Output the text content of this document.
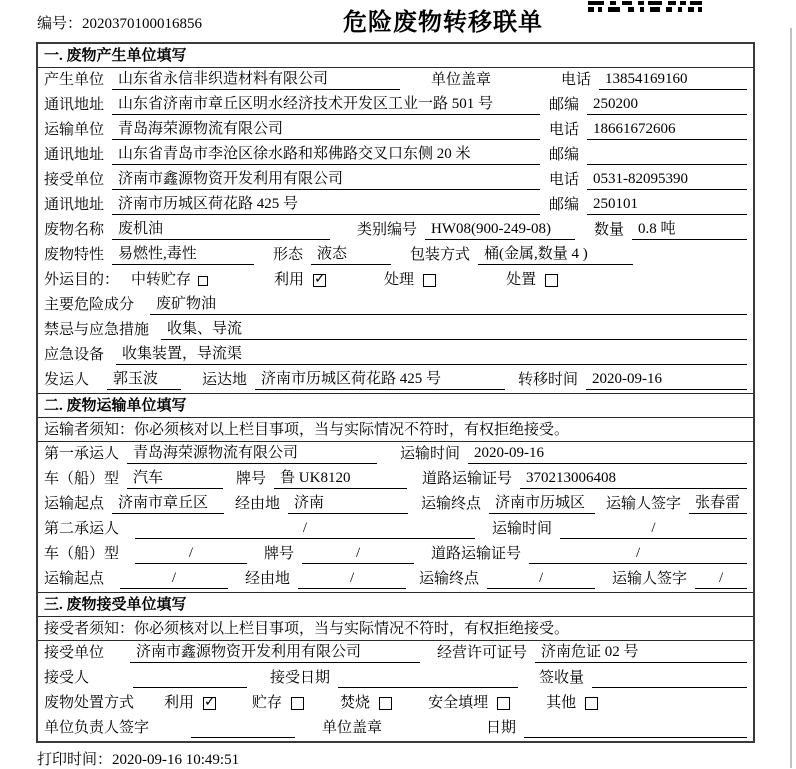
编号：2020370100016856	危险废物转移联单
一. 废物产生单位填写
产生单位 山东省永信非织造材料有限公司	单位盖章	电话 13854169160
通讯地址 山东省济南市章丘区明水经济技术开发区工业一路 501 号	邮编 250200
运输单位 青岛海荣源物流有限公司	电话 18661672606
通讯地址 山东省青岛市李沧区徐水路和郑佛路交叉口东侧 20 米	邮编
接受单位 济南市鑫源物资开发利用有限公司	电话 0531-82095390
通讯地址 济南市历城区荷花路 425 号	邮编 250101
废物名称 废机油	类别编号 HW08(900-249-08)	数量 0.8 吨
废物特性 易燃性,毒性	形态 液态	包装方式 桶(金属,数量 4 )
外运目的： 中转贮存	利用 ✓	处理	处置
主要危险成分	废矿物油
禁忌与应急措施	收集、导流
应急设备	收集装置，导流渠
发运人	郭玉波	运达地 济南市历城区荷花路 425 号	转移时间 2020-09-16
二. 废物运输单位填写
运输者须知：你必须核对以上栏目事项，当与实际情况不符时，有权拒绝接受。
第一承运人 青岛海荣源物流有限公司	运输时间 2020-09-16
车（船）型 汽车	牌号 鲁 UK8120	道路运输证号 370213006408
运输起点 济南市章丘区	经由地 济南	运输终点 济南市历城区	运输人签字 张春雷
第二承运人	/	运输时间	/
车（船）型	/	牌号	/	道路运输证号	/
运输起点	/	经由地	/	运输终点	/	运输人签字	/
三. 废物接受单位填写
接受者须知：你必须核对以上栏目事项，当与实际情况不符时，有权拒绝接受。
接受单位	济南市鑫源物资开发利用有限公司	经营许可证号 济南危证 02 号
接受人	接受日期	签收量
废物处置方式 利用 ✓ 贮存	焚烧	安全填埋	其他
单位负责人签字	单位盖章	日期
打印时间：2020-09-16 10:49:51
